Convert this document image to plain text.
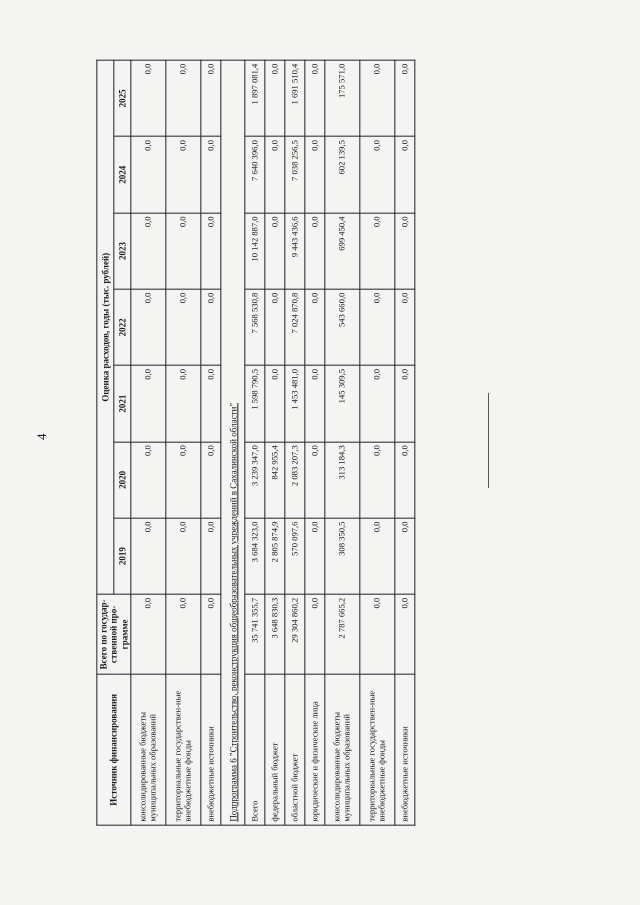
4
Источник финансирования	Всего по государ-ственной про-грамме	Оценка расходов, годы (тыс. рублей)						
		2019	2020	2021	2022	2023	2024	2025
консолидированные бюджеты муниципальных образований	0,0	0,0	0,0	0,0	0,0	0,0	0,0	0,0
территориальные государствен-ные внебюджетные фонды	0,0	0,0	0,0	0,0	0,0	0,0	0,0	0,0
внебюджетные источники	0,0	0,0	0,0	0,0	0,0	0,0	0,0	0,0
Подпрограмма 6 "Строительство, реконструкция общеобразовательных учреждений в Сахалинской области"								
Всего	35 741 355,7	3 684 323,0	3 239 347,0	1 598 790,5	7 568 530,8	10 142 887,0	7 640 396,0	1 897 081,4
федеральный бюджет	3 648 830,3	2 805 874,9	842 955,4	0,0	0,0	0,0	0,0	0,0
областной бюджет	29 304 860,2	570 097,6	2 083 207,3	1 453 481,0	7 024 870,8	9 443 436,6	7 038 256,5	1 691 510,4
юридические и физические лица	0,0	0,0	0,0	0,0	0,0	0,0	0,0	0,0
консолидированные бюджеты муниципальных образований	2 787 665,2	308 350,5	313 184,3	145 309,5	543 660,0	699 450,4	602 139,5	175 571,0
территориальные государствен-ные внебюджетные фонды	0,0	0,0	0,0	0,0	0,0	0,0	0,0	0,0
внебюджетные источники	0,0	0,0	0,0	0,0	0,0	0,0	0,0	0,0
